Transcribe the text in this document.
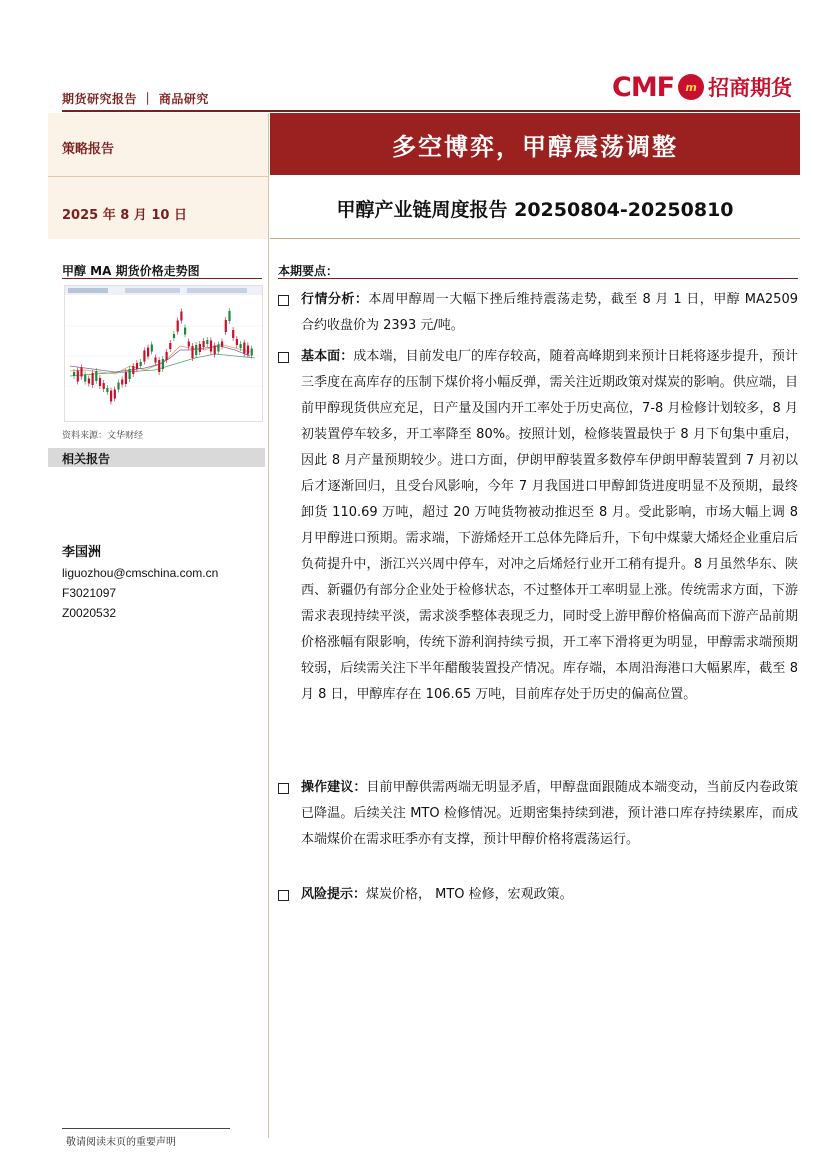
期货研究报告 ｜ 商品研究	CMF	m 招商期货
策略报告
2025 年 8 月 10 日
多空博弈，甲醇震荡调整
甲醇产业链周度报告 20250804-20250810
甲醇 MA 期货价格走势图
资料来源：文华财经
相关报告
李国洲
liguozhou@cmschina.com.cn
F3021097
Z0020532
本期要点：
行情分析：本周甲醇周一大幅下挫后维持震荡走势，截至 8 月 1 日，甲醇 MA2509 合约收盘价为 2393 元/吨。
基本面：成本端，目前发电厂的库存较高，随着高峰期到来预计日耗将逐步提升，预计三季度在高库存的压制下煤价将小幅反弹，需关注近期政策对煤炭的影响。供应端，目前甲醇现货供应充足，日产量及国内开工率处于历史高位，7-8 月检修计划较多，8 月初装置停车较多，开工率降至 80%。按照计划，检修装置最快于 8 月下旬集中重启，因此 8 月产量预期较少。进口方面，伊朗甲醇装置多数停车伊朗甲醇装置到 7 月初以后才逐渐回归，且受台风影响，今年 7 月我国进口甲醇卸货进度明显不及预期，最终卸货 110.69 万吨，超过 20 万吨货物被动推迟至 8 月。受此影响，市场大幅上调 8 月甲醇进口预期。需求端，下游烯烃开工总体先降后升，下旬中煤蒙大烯烃企业重启后负荷提升中，浙江兴兴周中停车，对冲之后烯烃行业开工稍有提升。8 月虽然华东、陕西、新疆仍有部分企业处于检修状态，不过整体开工率明显上涨。传统需求方面，下游需求表现持续平淡，需求淡季整体表现乏力，同时受上游甲醇价格偏高而下游产品前期价格涨幅有限影响，传统下游利润持续亏损，开工率下滑将更为明显，甲醇需求端预期较弱，后续需关注下半年醋酸装置投产情况。库存端，本周沿海港口大幅累库，截至 8 月 8 日，甲醇库存在 106.65 万吨，目前库存处于历史的偏高位置。
操作建议：目前甲醇供需两端无明显矛盾，甲醇盘面跟随成本端变动，当前反内卷政策已降温。后续关注 MTO 检修情况。近期密集持续到港，预计港口库存持续累库，而成本端煤价在需求旺季亦有支撑，预计甲醇价格将震荡运行。
风险提示：煤炭价格， MTO 检修，宏观政策。
敬请阅读末页的重要声明
